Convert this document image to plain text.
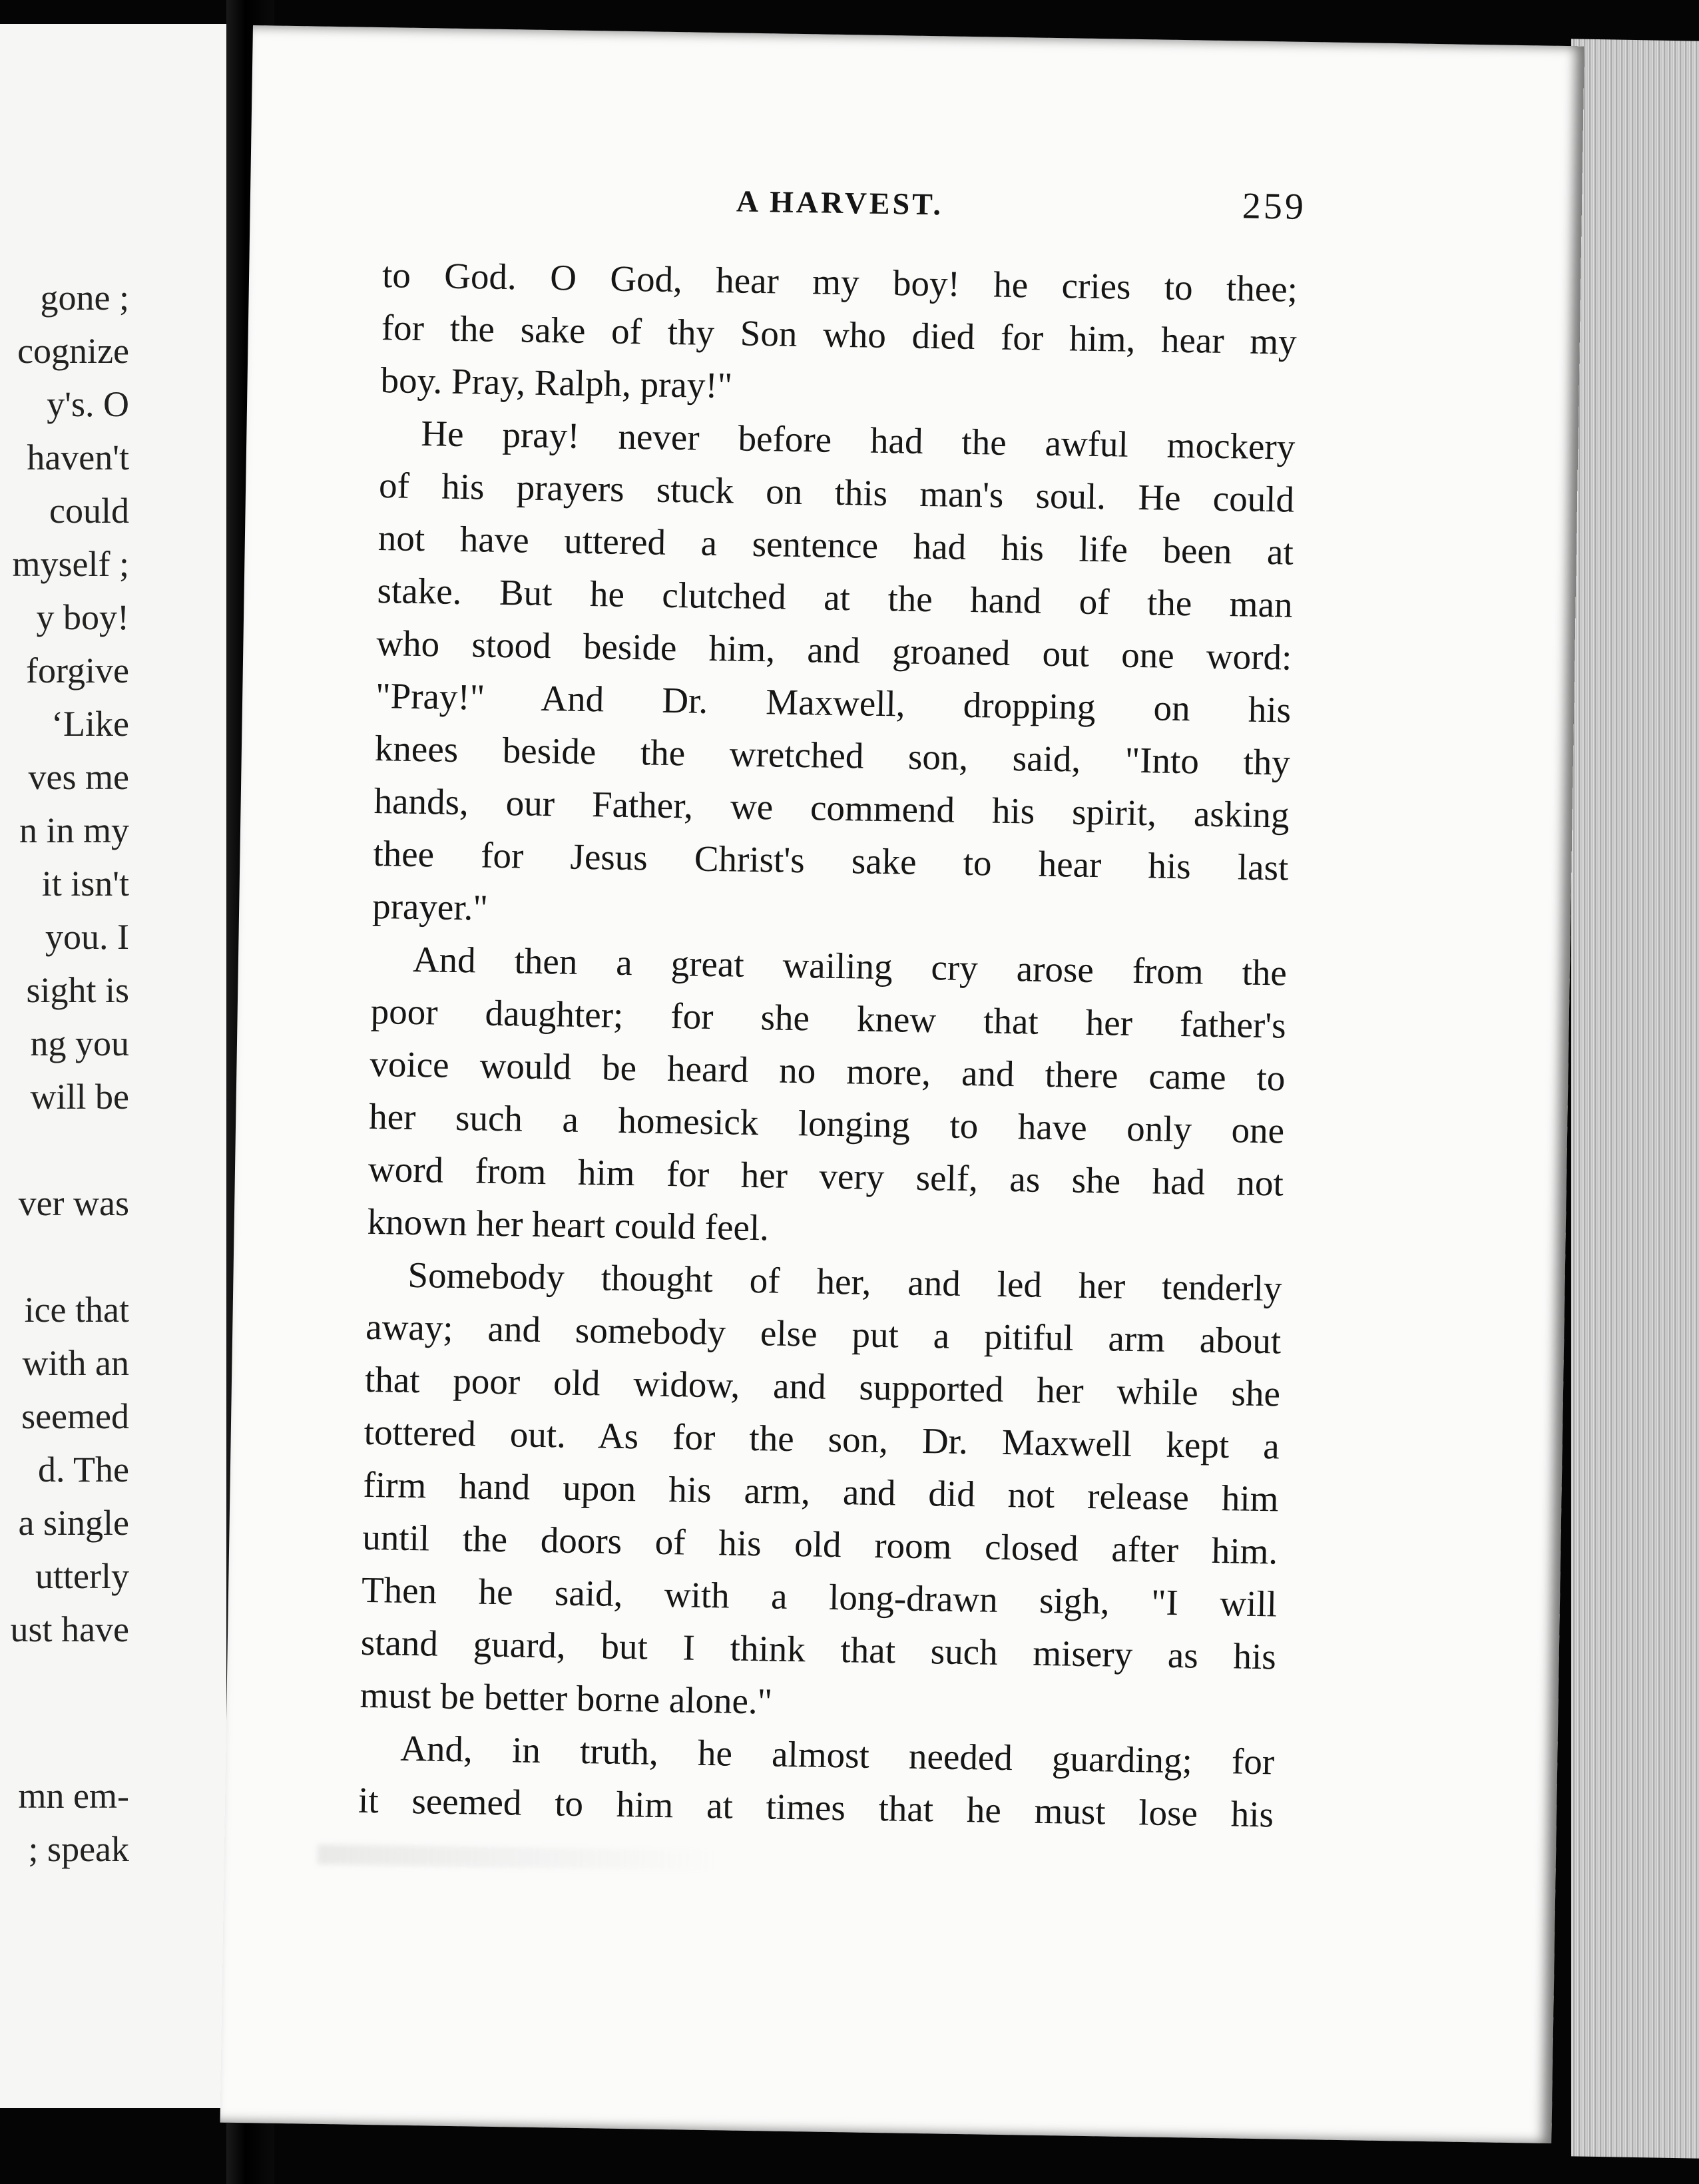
gone ;
cognize
y's. O
haven't
could
myself ;
y boy!
forgive
‘Like
ves me
n in my
it isn't
you. I
sight is
ng you
will be
ver was
ice that
with an
seemed
d. The
a single
utterly
ust have
mn em-
; speak
A HARVEST.	259
to God. O God, hear my boy! he cries to thee;
for the sake of thy Son who died for him, hear my
boy. Pray, Ralph, pray!"
He pray! never before had the awful mockery
of his prayers stuck on this man's soul. He could
not have uttered a sentence had his life been at
stake. But he clutched at the hand of the man
who stood beside him, and groaned out one word:
"Pray!" And Dr. Maxwell, dropping on his
knees beside the wretched son, said, "Into thy
hands, our Father, we commend his spirit, asking
thee for Jesus Christ's sake to hear his last
prayer."
And then a great wailing cry arose from the
poor daughter; for she knew that her father's
voice would be heard no more, and there came to
her such a homesick longing to have only one
word from him for her very self, as she had not
known her heart could feel.
Somebody thought of her, and led her tenderly
away; and somebody else put a pitiful arm about
that poor old widow, and supported her while she
tottered out. As for the son, Dr. Maxwell kept a
firm hand upon his arm, and did not release him
until the doors of his old room closed after him.
Then he said, with a long-drawn sigh, "I will
stand guard, but I think that such misery as his
must be better borne alone."
And, in truth, he almost needed guarding; for
it seemed to him at times that he must lose his
